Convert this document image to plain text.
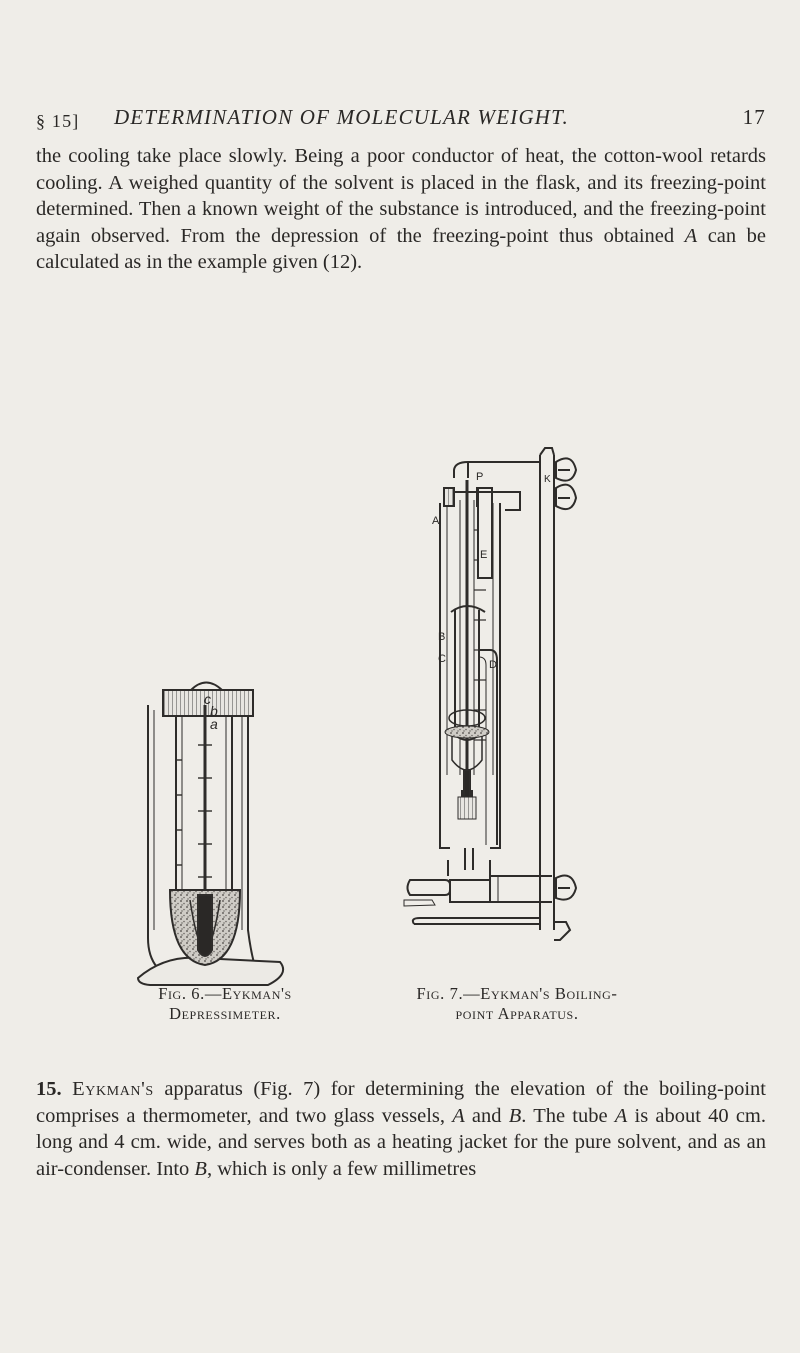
§ 15] DETERMINATION OF MOLECULAR WEIGHT.	17
the cooling take place slowly. Being a poor conductor of heat, the cotton-wool retards cooling. A weighed quantity of the solvent is placed in the flask, and its freezing-point determined. Then a known weight of the substance is introduced, and the freezing-point again observed. From the depression of the freezing-point thus obtained A can be calculated as in the example given (12).
c
b
a
P	K
A
E
B
C	D
Fig. 6.—Eykman's
Depressimeter.
Fig. 7.—Eykman's Boiling-
point Apparatus.
15. Eykman's apparatus (Fig. 7) for determining the elevation of the boiling-point comprises a thermometer, and two glass vessels, A and B. The tube A is about 40 cm. long and 4 cm. wide, and serves both as a heating jacket for the pure solvent, and as an air-condenser. Into B, which is only a few millimetres
